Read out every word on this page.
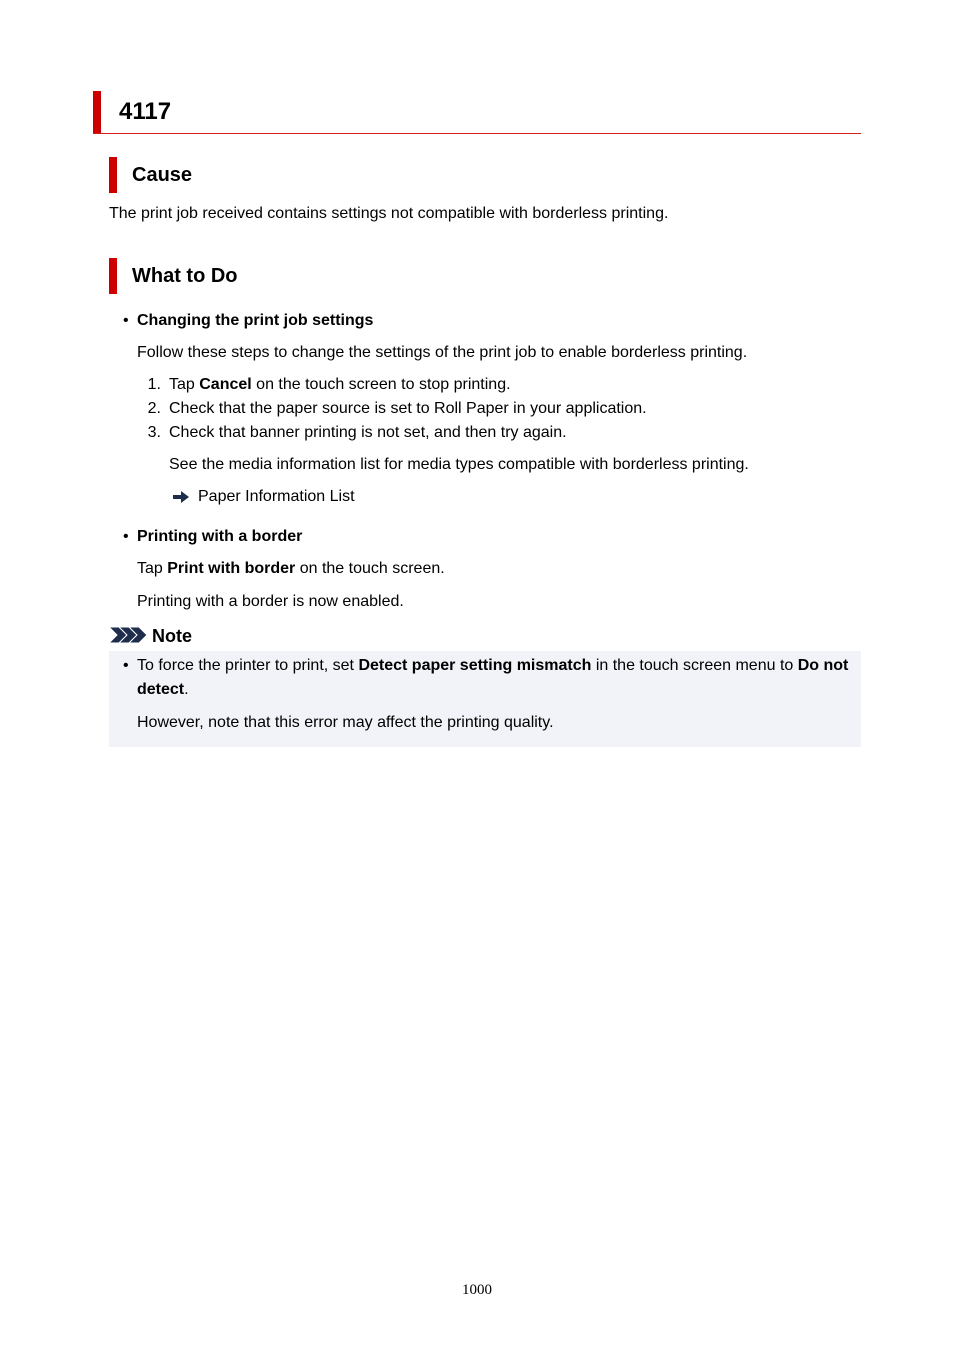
4117
Cause
The print job received contains settings not compatible with borderless printing.
What to Do
• Changing the print job settings
Follow these steps to change the settings of the print job to enable borderless printing.
1. Tap Cancel on the touch screen to stop printing.
2. Check that the paper source is set to Roll Paper in your application.
3. Check that banner printing is not set, and then try again.
See the media information list for media types compatible with borderless printing.
Paper Information List
• Printing with a border
Tap Print with border on the touch screen.
Printing with a border is now enabled.
Note
• To force the printer to print, set Detect paper setting mismatch in the touch screen menu to Do not
detect.
However, note that this error may affect the printing quality.
1000
